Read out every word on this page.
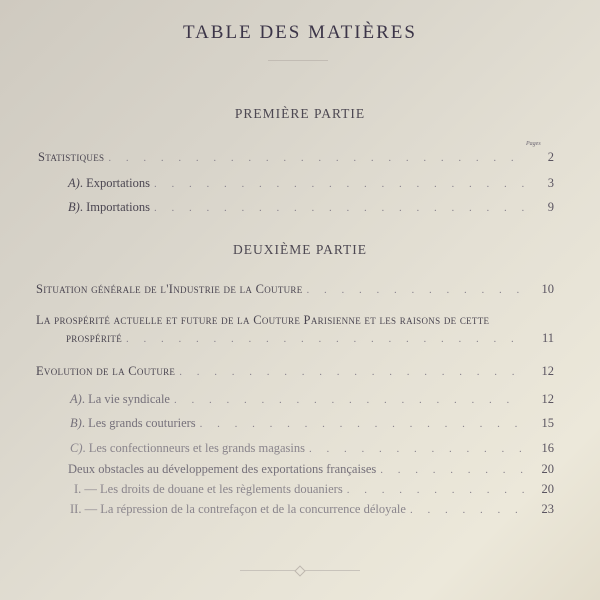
TABLE DES MATIÈRES
PREMIÈRE PARTIE
Pages
Statistiques . . .	2
A). Exportations . . .	3
B). Importations . . .	9
DEUXIÈME PARTIE
Situation générale de l'Industrie de la Couture . . .	10
La prospérité actuelle et future de la Couture Parisienne et les raisons de cette
prospérité . . .	11
Evolution de la Couture . . .	12
A). La vie syndicale . . .	12
B). Les grands couturiers . . .	15
C). Les confectionneurs et les grands magasins . . .	16
Deux obstacles au développement des exportations françaises . . .	20
I. — Les droits de douane et les règlements douaniers . . .	20
II. — La répression de la contrefaçon et de la concurrence déloyale . . .	23
